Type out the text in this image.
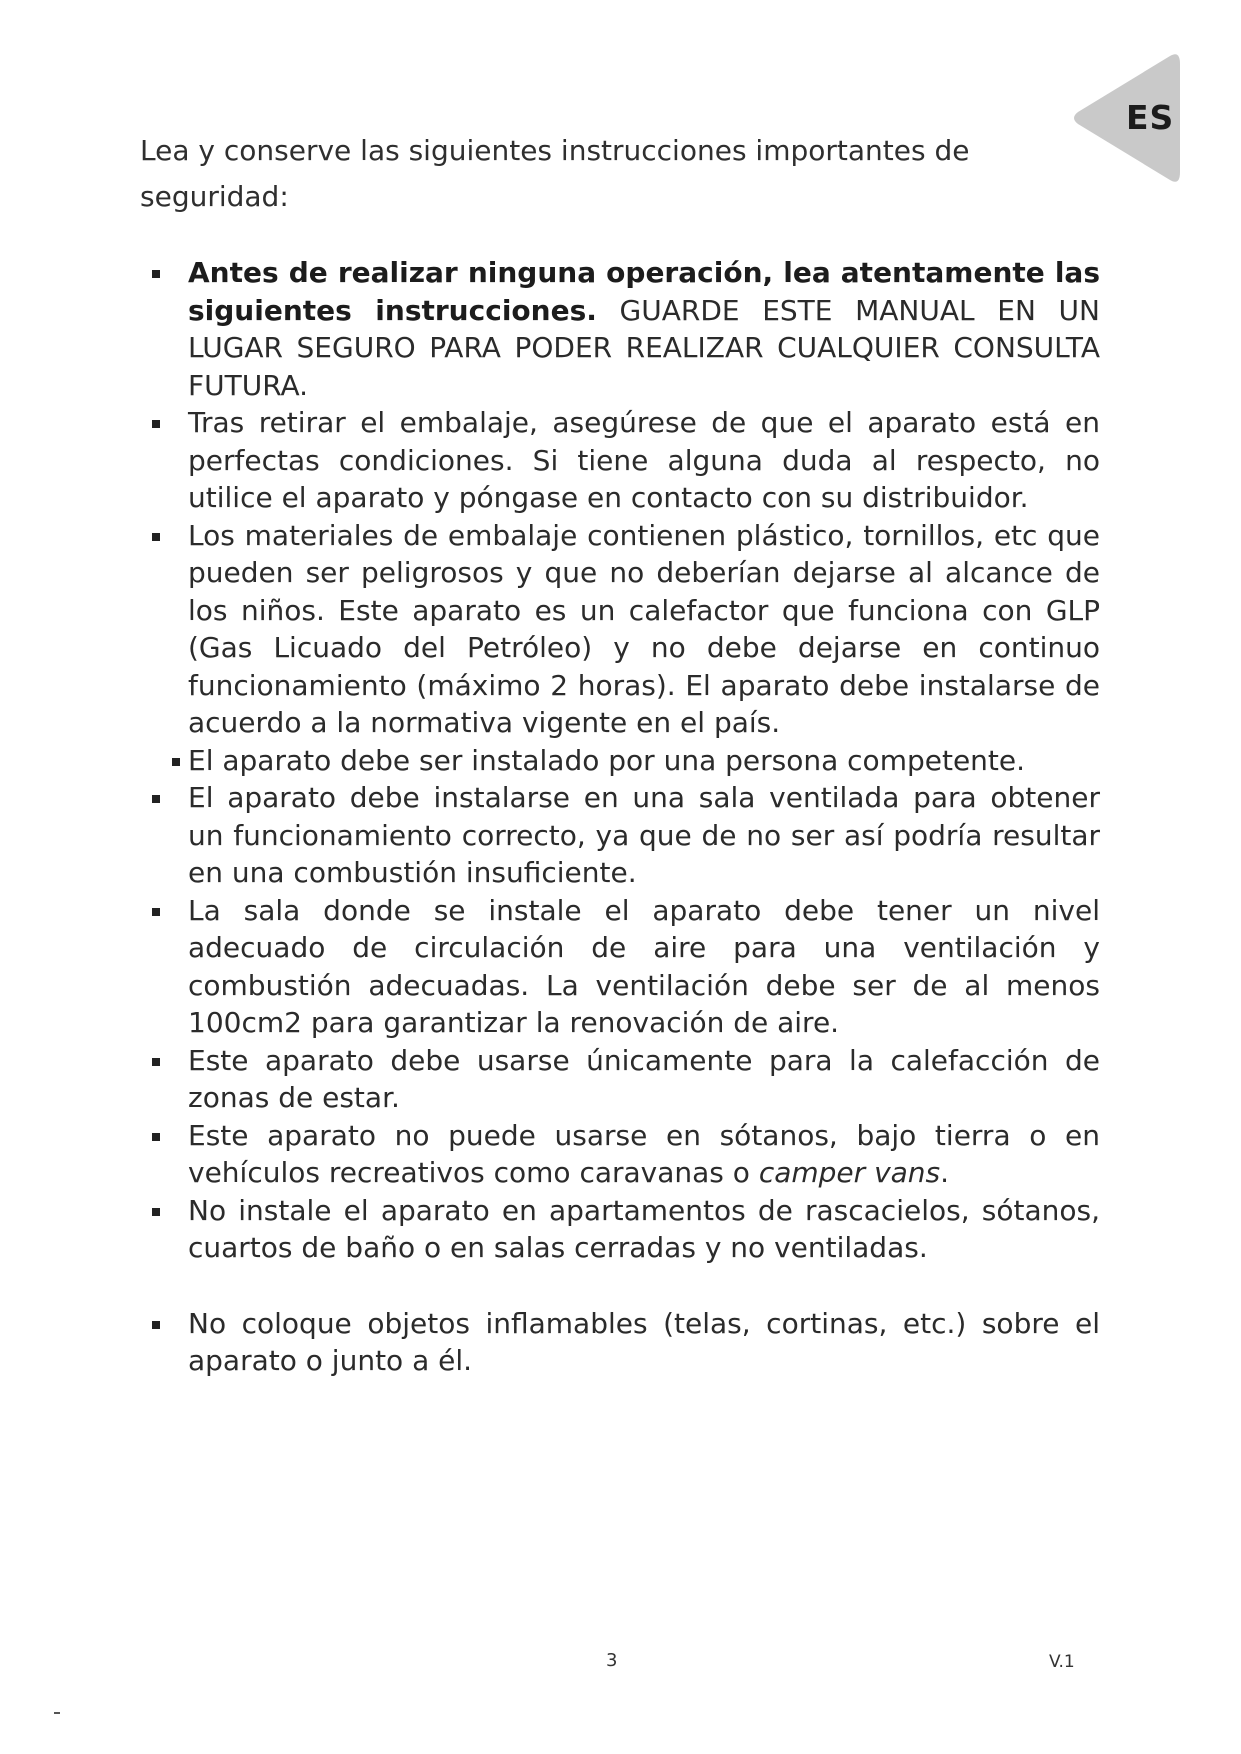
ES
Lea y conserve las siguientes instrucciones importantes de seguridad:
Antes de realizar ninguna operación, lea atentamente las siguientes instrucciones. GUARDE ESTE MANUAL EN UN LUGAR SEGURO PARA PODER REALIZAR CUALQUIER CONSULTA FUTURA.
Tras retirar el embalaje, asegúrese de que el aparato está en perfectas condiciones. Si tiene alguna duda al respecto, no utilice el aparato y póngase en contacto con su distribuidor.
Los materiales de embalaje contienen plástico, tornillos, etc que pueden ser peligrosos y que no deberían dejarse al alcance de los niños. Este aparato es un calefactor que funciona con GLP (Gas Licuado del Petróleo) y no debe dejarse en continuo funcionamiento (máximo 2 horas). El aparato debe instalarse de acuerdo a la normativa vigente en el país.
El aparato debe ser instalado por una persona competente.
El aparato debe instalarse en una sala ventilada para obtener un funcionamiento correcto, ya que de no ser así podría resultar en una combustión insuficiente.
La sala donde se instale el aparato debe tener un nivel adecuado de circulación de aire para una ventilación y combustión adecuadas. La ventilación debe ser de al menos 100cm2 para garantizar la renovación de aire.
Este aparato debe usarse únicamente para la calefacción de zonas de estar.
Este aparato no puede usarse en sótanos, bajo tierra o en vehículos recreativos como caravanas o camper vans.
No instale el aparato en apartamentos de rascacielos, sótanos, cuartos de baño o en salas cerradas y no ventiladas.
No coloque objetos inflamables (telas, cortinas, etc.) sobre el aparato o junto a él.
3	V.1
